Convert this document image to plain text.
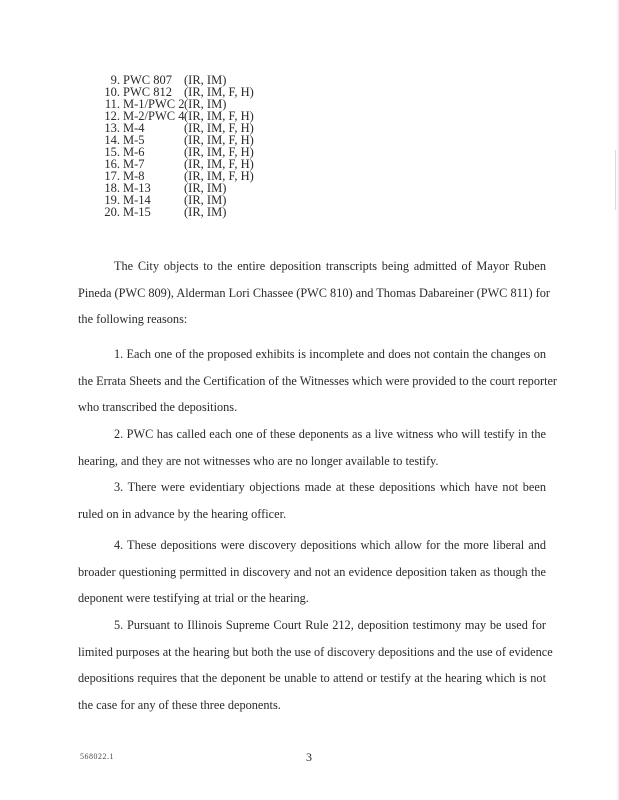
9. PWC 807 (IR, IM)
10. PWC 812 (IR, IM, F, H)
11. M-1/PWC 2 (IR, IM)
12. M-2/PWC 4 (IR, IM, F, H)
13. M-4	(IR, IM, F, H)
14. M-5	(IR, IM, F, H)
15. M-6	(IR, IM, F, H)
16. M-7	(IR, IM, F, H)
17. M-8	(IR, IM, F, H)
18. M-13	(IR, IM)
19. M-14	(IR, IM)
20. M-15	(IR, IM)

The City objects to the entire deposition transcripts being admitted of Mayor Ruben
Pineda (PWC 809), Alderman Lori Chassee (PWC 810) and Thomas Dabareiner (PWC 811) for
the following reasons:

1. Each one of the proposed exhibits is incomplete and does not contain the changes on
the Errata Sheets and the Certification of the Witnesses which were provided to the court reporter
who transcribed the depositions.

2. PWC has called each one of these deponents as a live witness who will testify in the
hearing, and they are not witnesses who are no longer available to testify.

3. There were evidentiary objections made at these depositions which have not been
ruled on in advance by the hearing officer.

4. These depositions were discovery depositions which allow for the more liberal and
broader questioning permitted in discovery and not an evidence deposition taken as though the
deponent were testifying at trial or the hearing.

5. Pursuant to Illinois Supreme Court Rule 212, deposition testimony may be used for
limited purposes at the hearing but both the use of discovery depositions and the use of evidence
depositions requires that the deponent be unable to attend or testify at the hearing which is not
the case for any of these three deponents.

568022.1	3
